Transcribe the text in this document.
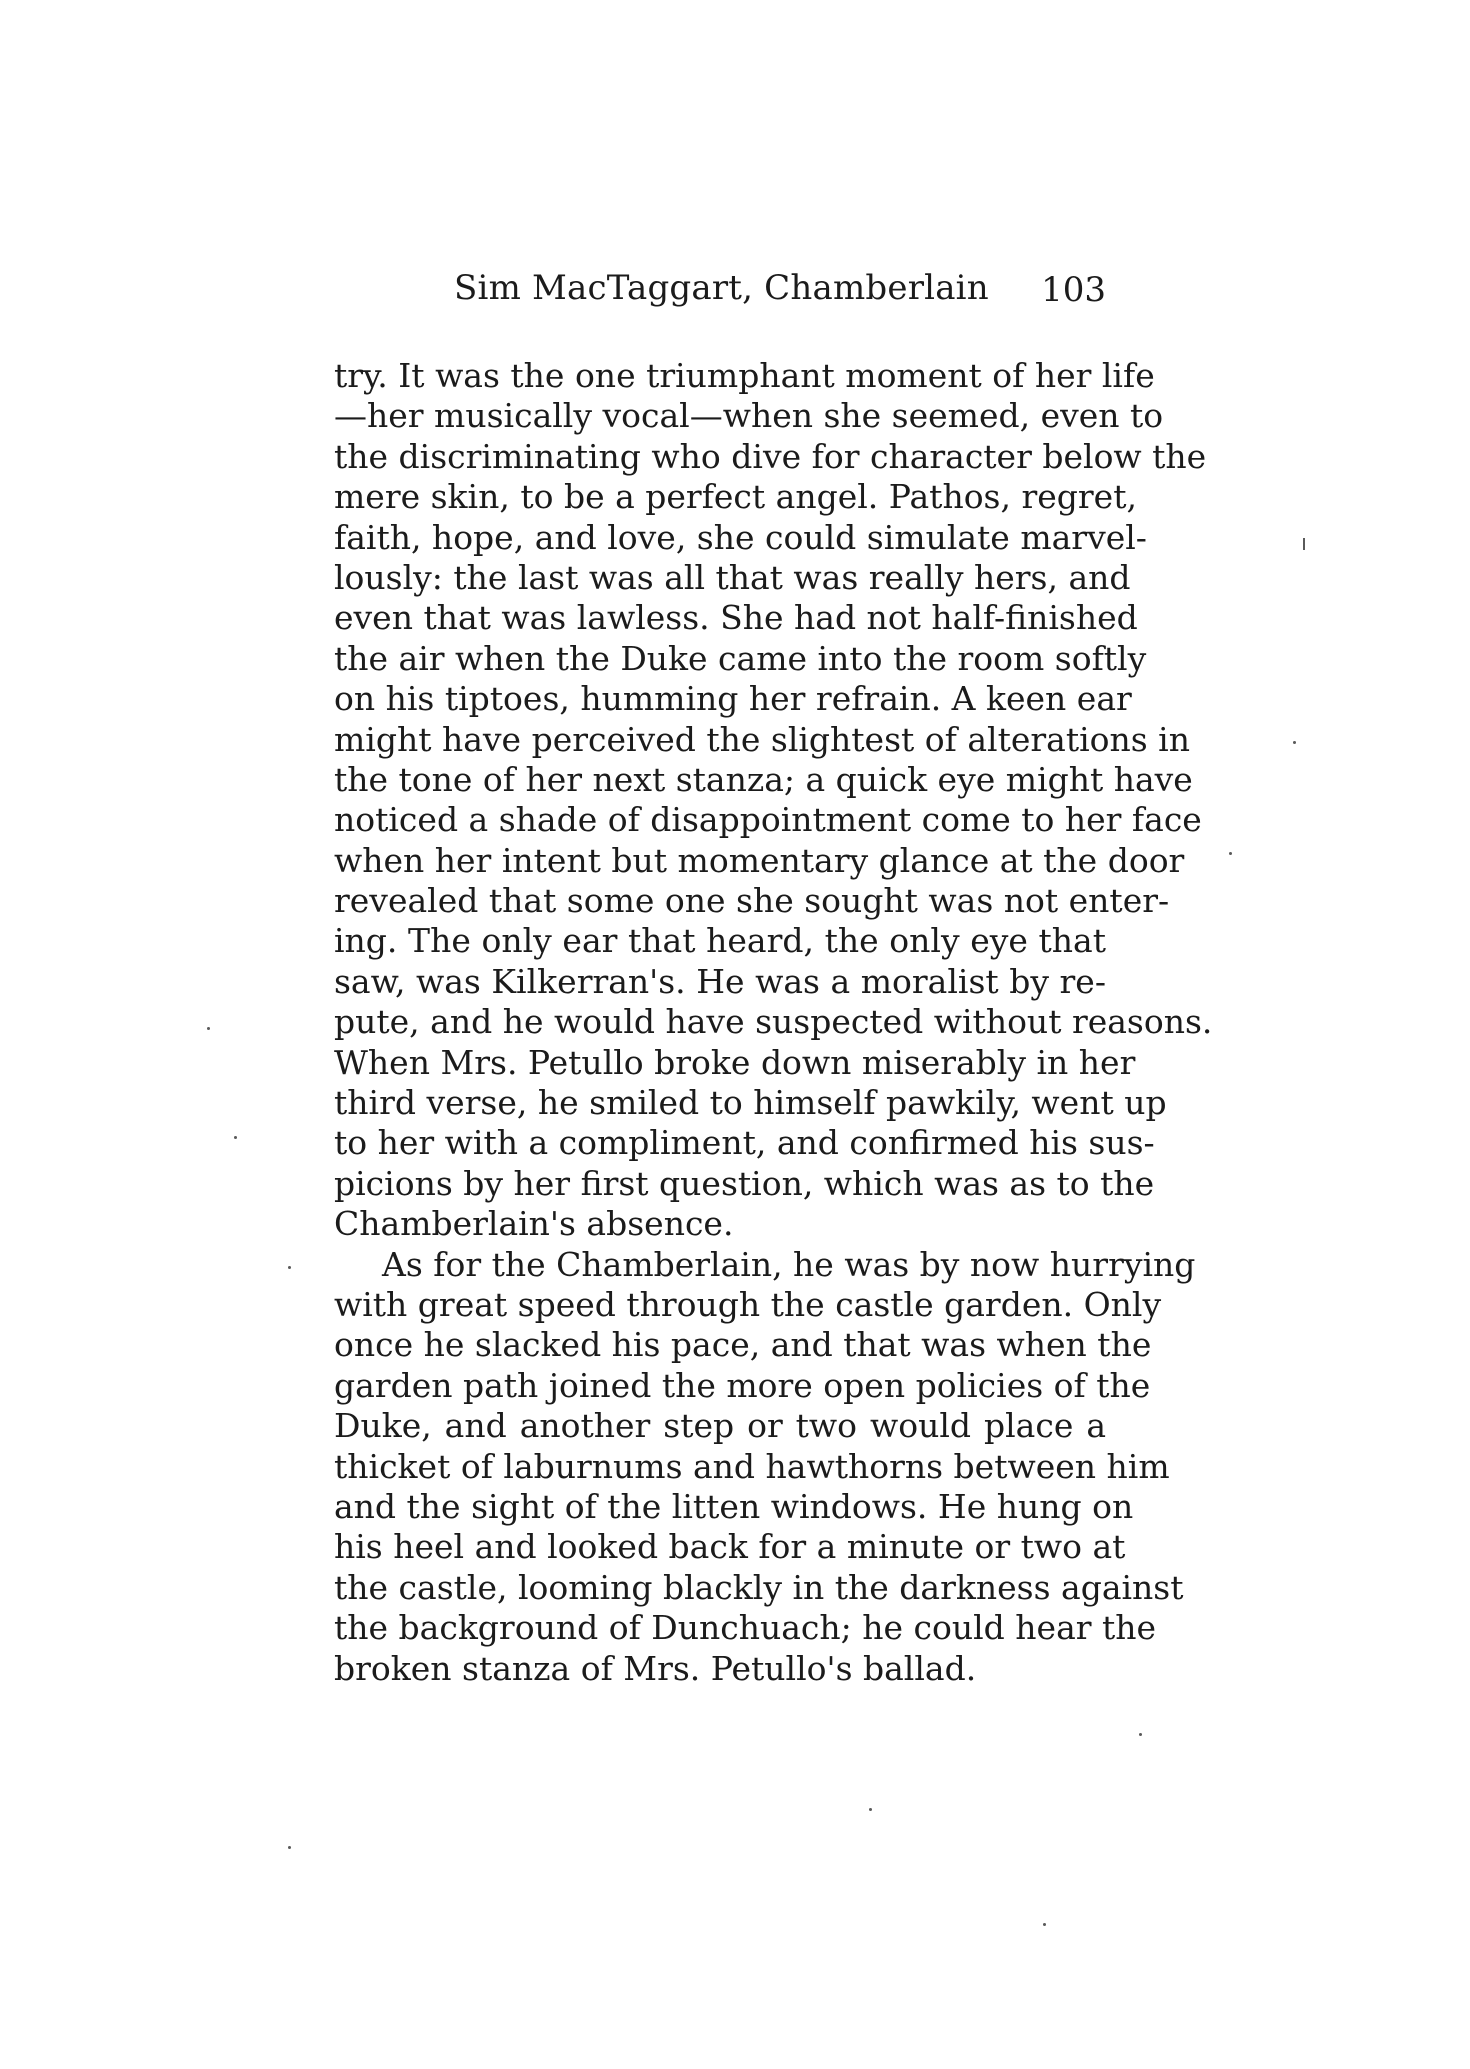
Sim MacTaggart, Chamberlain 103
try. It was the one triumphant moment of her life
—her musically vocal—when she seemed, even to
the discriminating who dive for character below the
mere skin, to be a perfect angel. Pathos, regret,
faith, hope, and love, she could simulate marvel-
lously: the last was all that was really hers, and
even that was lawless. She had not half-finished
the air when the Duke came into the room softly
on his tiptoes, humming her refrain. A keen ear
might have perceived the slightest of alterations in
the tone of her next stanza; a quick eye might have
noticed a shade of disappointment come to her face
when her intent but momentary glance at the door
revealed that some one she sought was not enter-
ing. The only ear that heard, the only eye that
saw, was Kilkerran's. He was a moralist by re-
pute, and he would have suspected without reasons.
When Mrs. Petullo broke down miserably in her
third verse, he smiled to himself pawkily, went up
to her with a compliment, and confirmed his sus-
picions by her first question, which was as to the
Chamberlain's absence.
As for the Chamberlain, he was by now hurrying
with great speed through the castle garden. Only
once he slacked his pace, and that was when the
garden path joined the more open policies of the
Duke, and another step or two would place a
thicket of laburnums and hawthorns between him
and the sight of the litten windows. He hung on
his heel and looked back for a minute or two at
the castle, looming blackly in the darkness against
the background of Dunchuach; he could hear the
broken stanza of Mrs. Petullo's ballad.
